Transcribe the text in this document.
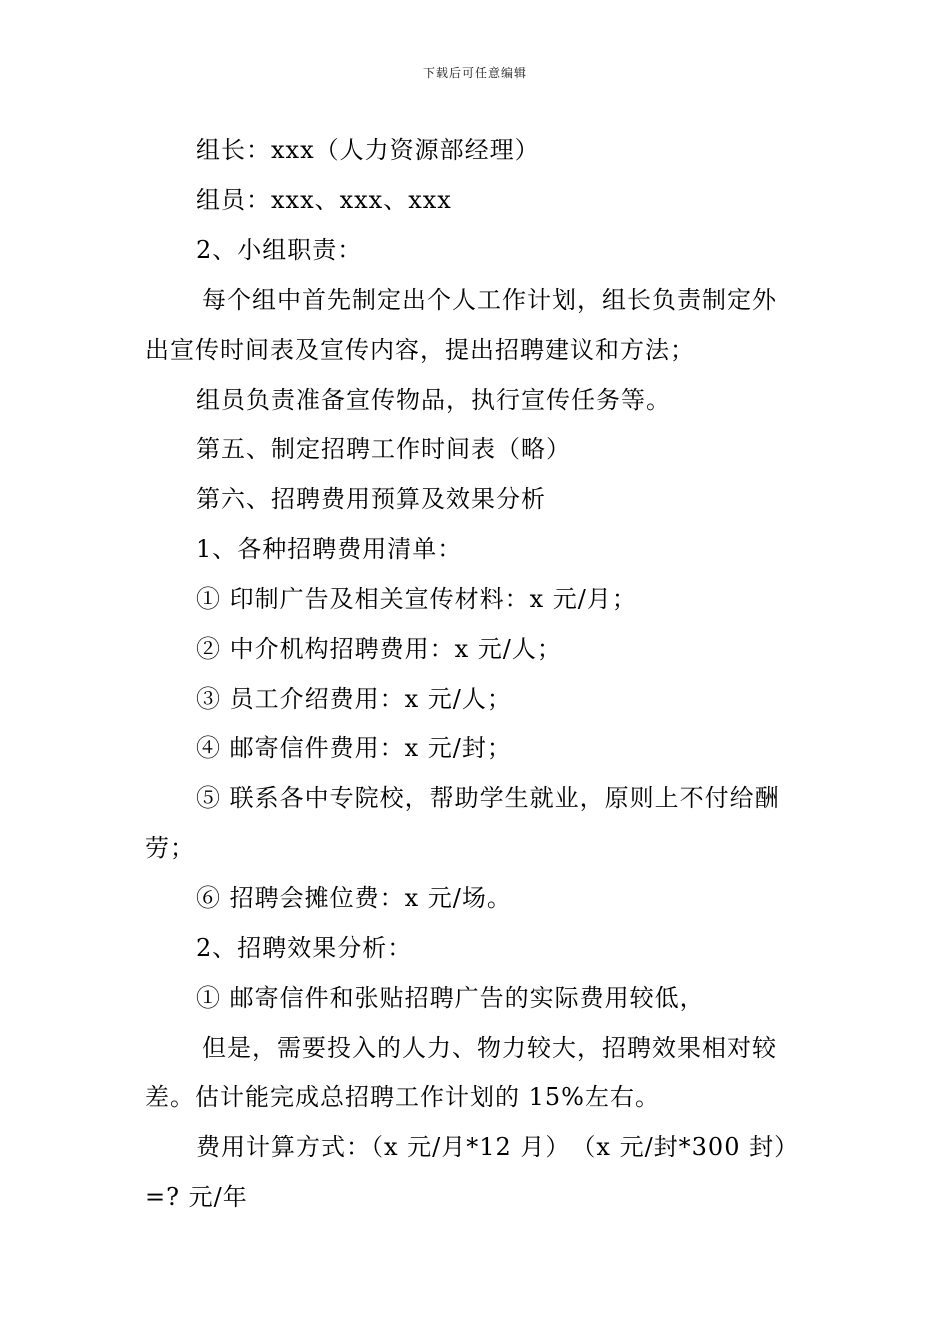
下载后可任意编辑
组长：xxx（人力资源部经理）
组员：xxx、xxx、xxx
2、小组职责：
每个组中首先制定出个人工作计划，组长负责制定外
出宣传时间表及宣传内容，提出招聘建议和方法；
组员负责准备宣传物品，执行宣传任务等。
第五、制定招聘工作时间表（略）
第六、招聘费用预算及效果分析
1、各种招聘费用清单：
① 印制广告及相关宣传材料：x 元/月；
② 中介机构招聘费用：x 元/人；
③ 员工介绍费用：x 元/人；
④ 邮寄信件费用：x 元/封；
⑤ 联系各中专院校，帮助学生就业，原则上不付给酬
劳；
⑥ 招聘会摊位费：x 元/场。
2、招聘效果分析：
① 邮寄信件和张贴招聘广告的实际费用较低，
但是，需要投入的人力、物力较大，招聘效果相对较
差。估计能完成总招聘工作计划的 15%左右。
费用计算方式：（x 元/月*12 月）　（x 元/封*300 封）
=? 元/年
